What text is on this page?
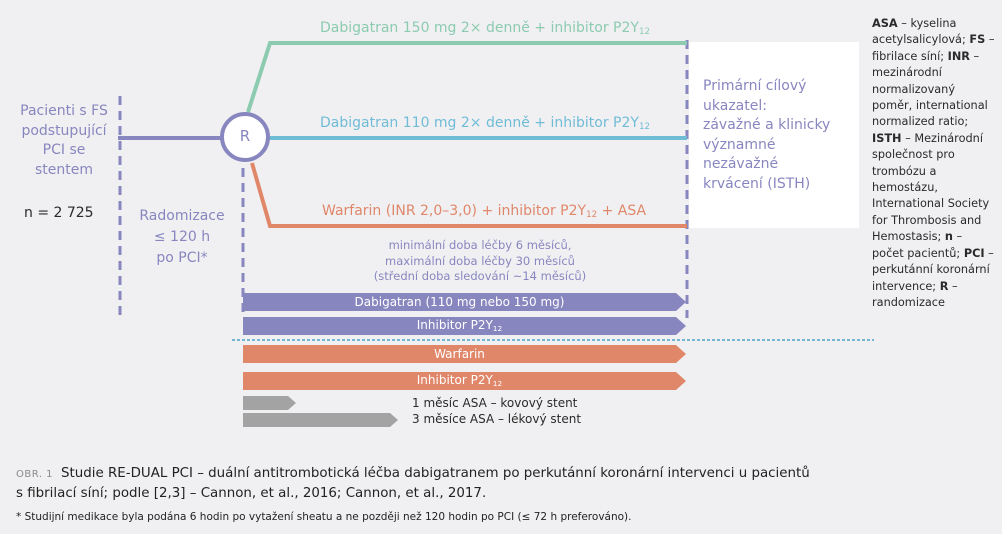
Primární cílový
ukazatel:
závažné a klinicky
významné
nezávažné
krvácení (ISTH)
Pacienti s FS
podstupující
PCI se
stentem
n = 2 725
R
Radomizace
≤ 120 h
po PCI*
Dabigatran 150 mg 2× denně + inhibitor $P2Y_{12}$
Dabigatran 110 mg 2× denně + inhibitor $P2Y_{12}$
Warfarin (INR 2,0–3,0) + inhibitor $P2Y_{12}$ + ASA
minimální doba léčby 6 měsíců,
maximální doba léčby 30 měsíců
(střední doba sledování ~14 měsíců)
Dabigatran (110 mg nebo 150 mg)
Inhibitor $P2Y_{12}$
Warfarin
Inhibitor $P2Y_{12}$
1 měsíc ASA – kovový stent
3 měsíce ASA – lékový stent
ASA – kyselina acetylsalicylová; FS – fibrilace síní; INR – mezinárodní normalizovaný poměr, international normalized ratio; ISTH – Mezinárodní společnost pro trombózu a hemostázu, International Society for Thrombosis and Hemostasis; n – počet pacientů; PCI – perkutánní koronární intervence; R – randomizace
OBR. 1 Studie RE-DUAL PCI – duální antitrombotická léčba dabigatranem po perkutánní koronární intervenci u pacientů
s fibrilací síní; podle [2,3] – Cannon, et al., 2016; Cannon, et al., 2017.
* Studijní medikace byla podána 6 hodin po vytažení sheatu a ne později než 120 hodin po PCI (≤ 72 h preferováno).
